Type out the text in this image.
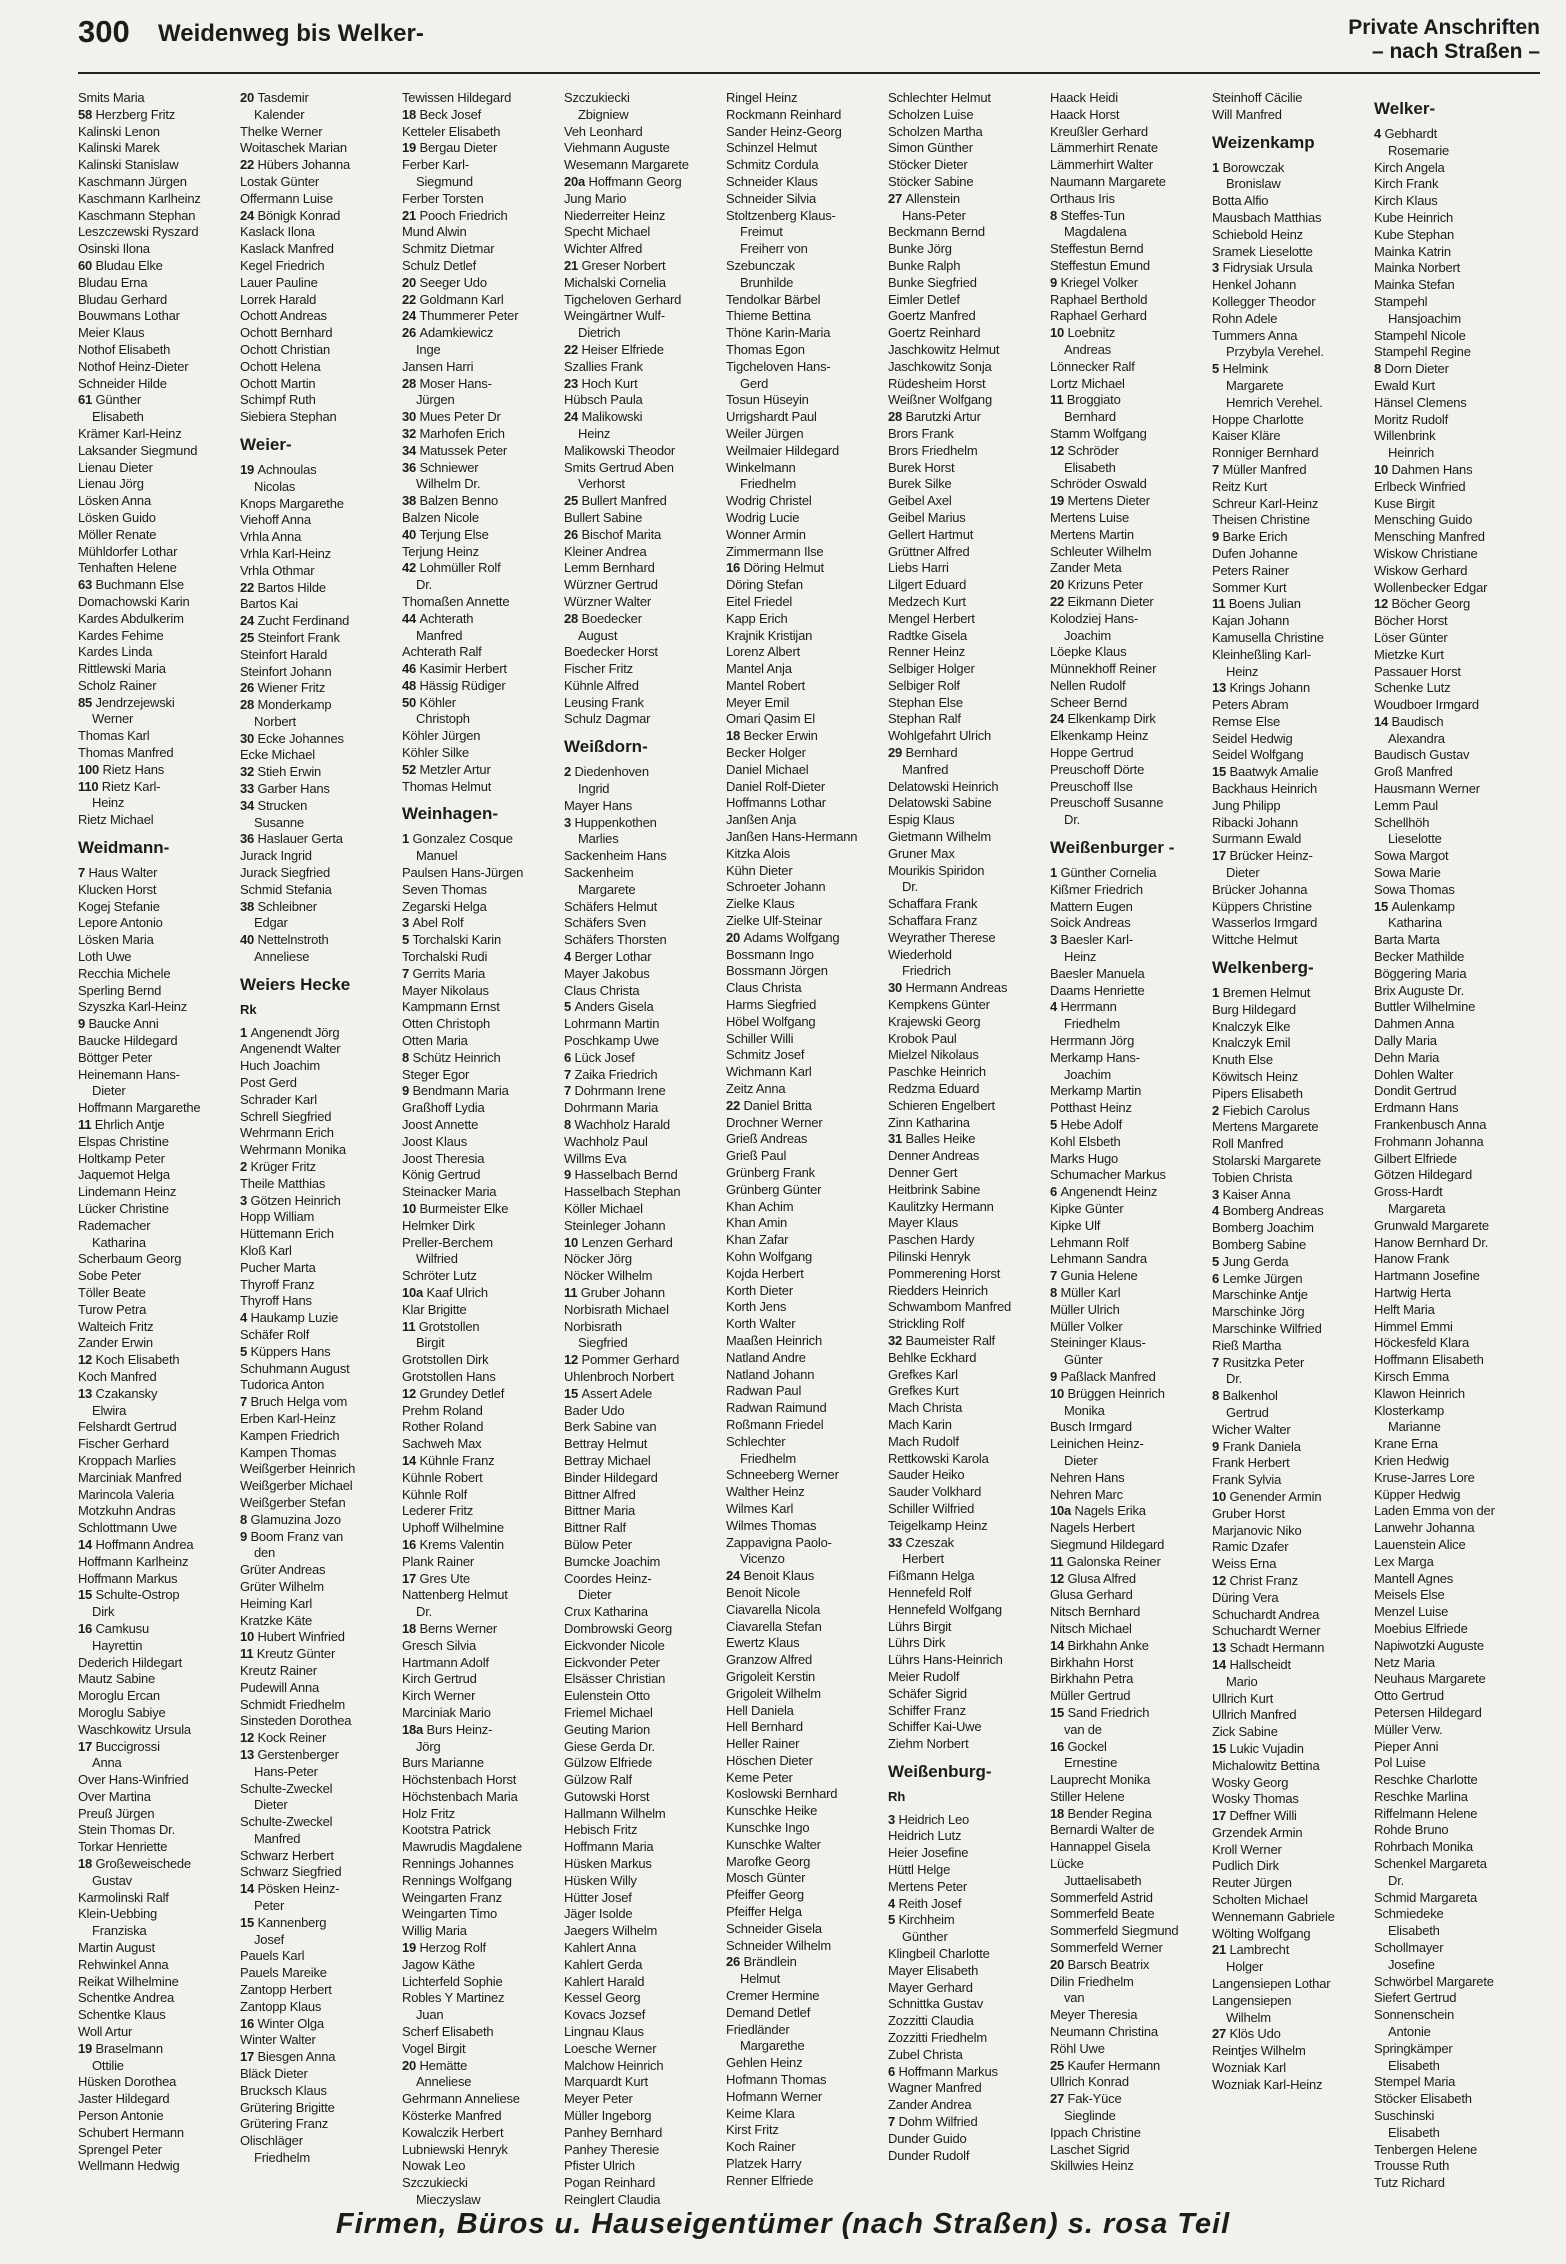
300 Weidenweg bis Welker-	Private Anschriften
– nach Straßen –
Smits Maria
58 Herzberg Fritz
Kalinski Lenon
Kalinski Marek
Kalinski Stanislaw
Kaschmann Jürgen
Kaschmann Karlheinz
Kaschmann Stephan
Leszczewski Ryszard
Osinski Ilona
60 Bludau Elke
Bludau Erna
Bludau Gerhard
Bouwmans Lothar
Meier Klaus
Nothof Elisabeth
Nothof Heinz-Dieter
Schneider Hilde
61 Günther
Elisabeth
Krämer Karl-Heinz
Laksander Siegmund
Lienau Dieter
Lienau Jörg
Lösken Anna
Lösken Guido
Möller Renate
Mühldorfer Lothar
Tenhaften Helene
63 Buchmann Else
Domachowski Karin
Kardes Abdulkerim
Kardes Fehime
Kardes Linda
Rittlewski Maria
Scholz Rainer
85 Jendrzejewski
Werner
Thomas Karl
Thomas Manfred
100 Rietz Hans
110 Rietz Karl-
Heinz
Rietz Michael
Weidmann-
7 Haus Walter
Klucken Horst
Kogej Stefanie
Lepore Antonio
Lösken Maria
Loth Uwe
Recchia Michele
Sperling Bernd
Szyszka Karl-Heinz
9 Baucke Anni
Baucke Hildegard
Böttger Peter
Heinemann Hans-
Dieter
Hoffmann Margarethe
11 Ehrlich Antje
Elspas Christine
Holtkamp Peter
Jaquemot Helga
Lindemann Heinz
Lücker Christine
Rademacher
Katharina
Scherbaum Georg
Sobe Peter
Töller Beate
Turow Petra
Walteich Fritz
Zander Erwin
12 Koch Elisabeth
Koch Manfred
13 Czakansky
Elwira
Felshardt Gertrud
Fischer Gerhard
Kroppach Marlies
Marciniak Manfred
Marincola Valeria
Motzkuhn Andras
Schlottmann Uwe
14 Hoffmann Andrea
Hoffmann Karlheinz
Hoffmann Markus
15 Schulte-Ostrop
Dirk
16 Camkusu
Hayrettin
Dederich Hildegart
Mautz Sabine
Moroglu Ercan
Moroglu Sabiye
Waschkowitz Ursula
17 Buccigrossi
Anna
Over Hans-Winfried
Over Martina
Preuß Jürgen
Stein Thomas Dr.
Torkar Henriette
18 Großeweischede
Gustav
Karmolinski Ralf
Klein-Uebbing
Franziska
Martin August
Rehwinkel Anna
Reikat Wilhelmine
Schentke Andrea
Schentke Klaus
Woll Artur
19 Braselmann
Ottilie
Hüsken Dorothea
Jaster Hildegard
Person Antonie
Schubert Hermann
Sprengel Peter
Wellmann Hedwig
20 Tasdemir
Kalender
Thelke Werner
Woitaschek Marian
22 Hübers Johanna
Lostak Günter
Offermann Luise
24 Bönigk Konrad
Kaslack Ilona
Kaslack Manfred
Kegel Friedrich
Lauer Pauline
Lorrek Harald
Ochott Andreas
Ochott Bernhard
Ochott Christian
Ochott Helena
Ochott Martin
Schimpf Ruth
Siebiera Stephan
Weier-
19 Achnoulas
Nicolas
Knops Margarethe
Viehoff Anna
Vrhla Anna
Vrhla Karl-Heinz
Vrhla Othmar
22 Bartos Hilde
Bartos Kai
24 Zucht Ferdinand
25 Steinfort Frank
Steinfort Harald
Steinfort Johann
26 Wiener Fritz
28 Monderkamp
Norbert
30 Ecke Johannes
Ecke Michael
32 Stieh Erwin
33 Garber Hans
34 Strucken
Susanne
36 Haslauer Gerta
Jurack Ingrid
Jurack Siegfried
Schmid Stefania
38 Schleibner
Edgar
40 Nettelnstroth
Anneliese
Weiers Hecke
Rk
1 Angenendt Jörg
Angenendt Walter
Huch Joachim
Post Gerd
Schrader Karl
Schrell Siegfried
Wehrmann Erich
Wehrmann Monika
2 Krüger Fritz
Theile Matthias
3 Götzen Heinrich
Hopp William
Hüttemann Erich
Kloß Karl
Pucher Marta
Thyroff Franz
Thyroff Hans
4 Haukamp Luzie
Schäfer Rolf
5 Küppers Hans
Schuhmann August
Tudorica Anton
7 Bruch Helga vom
Erben Karl-Heinz
Kampen Friedrich
Kampen Thomas
Weißgerber Heinrich
Weißgerber Michael
Weißgerber Stefan
8 Glamuzina Jozo
9 Boom Franz van
den
Grüter Andreas
Grüter Wilhelm
Heiming Karl
Kratzke Käte
10 Hubert Winfried
11 Kreutz Günter
Kreutz Rainer
Pudewill Anna
Schmidt Friedhelm
Sinsteden Dorothea
12 Kock Reiner
13 Gerstenberger
Hans-Peter
Schulte-Zweckel
Dieter
Schulte-Zweckel
Manfred
Schwarz Herbert
Schwarz Siegfried
14 Pösken Heinz-
Peter
15 Kannenberg
Josef
Pauels Karl
Pauels Mareike
Zantopp Herbert
Zantopp Klaus
16 Winter Olga
Winter Walter
17 Biesgen Anna
Bläck Dieter
Brucksch Klaus
Grütering Brigitte
Grütering Franz
Olischläger
Friedhelm
Tewissen Hildegard
18 Beck Josef
Ketteler Elisabeth
19 Bergau Dieter
Ferber Karl-
Siegmund
Ferber Torsten
21 Pooch Friedrich
Mund Alwin
Schmitz Dietmar
Schulz Detlef
20 Seeger Udo
22 Goldmann Karl
24 Thummerer Peter
26 Adamkiewicz
Inge
Jansen Harri
28 Moser Hans-
Jürgen
30 Mues Peter Dr
32 Marhofen Erich
34 Matussek Peter
36 Schniewer
Wilhelm Dr.
38 Balzen Benno
Balzen Nicole
40 Terjung Else
Terjung Heinz
42 Lohmüller Rolf
Dr.
Thomaßen Annette
44 Achterath
Manfred
Achterath Ralf
46 Kasimir Herbert
48 Hässig Rüdiger
50 Köhler
Christoph
Köhler Jürgen
Köhler Silke
52 Metzler Artur
Thomas Helmut
Weinhagen-
1 Gonzalez Cosque
Manuel
Paulsen Hans-Jürgen
Seven Thomas
Zegarski Helga
3 Abel Rolf
5 Torchalski Karin
Torchalski Rudi
7 Gerrits Maria
Mayer Nikolaus
Kampmann Ernst
Otten Christoph
Otten Maria
8 Schütz Heinrich
Steger Egor
9 Bendmann Maria
Graßhoff Lydia
Joost Annette
Joost Klaus
Joost Theresia
König Gertrud
Steinacker Maria
10 Burmeister Elke
Helmker Dirk
Preller-Berchem
Wilfried
Schröter Lutz
10a Kaaf Ulrich
Klar Brigitte
11 Grotstollen
Birgit
Grotstollen Dirk
Grotstollen Hans
12 Grundey Detlef
Prehm Roland
Rother Roland
Sachweh Max
14 Kühnle Franz
Kühnle Robert
Kühnle Rolf
Lederer Fritz
Uphoff Wilhelmine
16 Krems Valentin
Plank Rainer
17 Gres Ute
Nattenberg Helmut
Dr.
18 Berns Werner
Gresch Silvia
Hartmann Adolf
Kirch Gertrud
Kirch Werner
Marciniak Mario
18a Burs Heinz-
Jörg
Burs Marianne
Höchstenbach Horst
Höchstenbach Maria
Holz Fritz
Kootstra Patrick
Mawrudis Magdalene
Rennings Johannes
Rennings Wolfgang
Weingarten Franz
Weingarten Timo
Willig Maria
19 Herzog Rolf
Jagow Käthe
Lichterfeld Sophie
Robles Y Martinez
Juan
Scherf Elisabeth
Vogel Birgit
20 Hemätte
Anneliese
Gehrmann Anneliese
Kösterke Manfred
Kowalczik Herbert
Lubniewski Henryk
Nowak Leo
Szczukiecki
Mieczyslaw
Szczukiecki
Zbigniew
Veh Leonhard
Viehmann Auguste
Wesemann Margarete
20a Hoffmann Georg
Jung Mario
Niederreiter Heinz
Specht Michael
Wichter Alfred
21 Greser Norbert
Michalski Cornelia
Tigcheloven Gerhard
Weingärtner Wulf-
Dietrich
22 Heiser Elfriede
Szallies Frank
23 Hoch Kurt
Hübsch Paula
24 Malikowski
Heinz
Malikowski Theodor
Smits Gertrud Aben
Verhorst
25 Bullert Manfred
Bullert Sabine
26 Bischof Marita
Kleiner Andrea
Lemm Bernhard
Würzner Gertrud
Würzner Walter
28 Boedecker
August
Boedecker Horst
Fischer Fritz
Kühnle Alfred
Leusing Frank
Schulz Dagmar
Weißdorn-
2 Diedenhoven
Ingrid
Mayer Hans
3 Huppenkothen
Marlies
Sackenheim Hans
Sackenheim
Margarete
Schäfers Helmut
Schäfers Sven
Schäfers Thorsten
4 Berger Lothar
Mayer Jakobus
Claus Christa
5 Anders Gisela
Lohrmann Martin
Poschkamp Uwe
6 Lück Josef
7 Zaika Friedrich
7 Dohrmann Irene
Dohrmann Maria
8 Wachholz Harald
Wachholz Paul
Willms Eva
9 Hasselbach Bernd
Hasselbach Stephan
Köller Michael
Steinleger Johann
10 Lenzen Gerhard
Nöcker Jörg
Nöcker Wilhelm
11 Gruber Johann
Norbisrath Michael
Norbisrath
Siegfried
12 Pommer Gerhard
Uhlenbroch Norbert
15 Assert Adele
Bader Udo
Berk Sabine van
Bettray Helmut
Bettray Michael
Binder Hildegard
Bittner Alfred
Bittner Maria
Bittner Ralf
Bülow Peter
Bumcke Joachim
Coordes Heinz-
Dieter
Crux Katharina
Dombrowski Georg
Eickvonder Nicole
Eickvonder Peter
Elsässer Christian
Eulenstein Otto
Friemel Michael
Geuting Marion
Giese Gerda Dr.
Gülzow Elfriede
Gülzow Ralf
Gutowski Horst
Hallmann Wilhelm
Hebisch Fritz
Hoffmann Maria
Hüsken Markus
Hüsken Willy
Hütter Josef
Jäger Isolde
Jaegers Wilhelm
Kahlert Anna
Kahlert Gerda
Kahlert Harald
Kessel Georg
Kovacs Jozsef
Lingnau Klaus
Loesche Werner
Malchow Heinrich
Marquardt Kurt
Meyer Peter
Müller Ingeborg
Panhey Bernhard
Panhey Theresie
Pfister Ulrich
Pogan Reinhard
Reinglert Claudia
Ringel Heinz
Rockmann Reinhard
Sander Heinz-Georg
Schinzel Helmut
Schmitz Cordula
Schneider Klaus
Schneider Silvia
Stoltzenberg Klaus-
Freimut
Freiherr von
Szebunczak
Brunhilde
Tendolkar Bärbel
Thieme Bettina
Thöne Karin-Maria
Thomas Egon
Tigcheloven Hans-
Gerd
Tosun Hüseyin
Urrigshardt Paul
Weiler Jürgen
Weilmaier Hildegard
Winkelmann
Friedhelm
Wodrig Christel
Wodrig Lucie
Wonner Armin
Zimmermann Ilse
16 Döring Helmut
Döring Stefan
Eitel Friedel
Kapp Erich
Krajnik Kristijan
Lorenz Albert
Mantel Anja
Mantel Robert
Meyer Emil
Omari Qasim El
18 Becker Erwin
Becker Holger
Daniel Michael
Daniel Rolf-Dieter
Hoffmanns Lothar
Janßen Anja
Janßen Hans-Hermann
Kitzka Alois
Kühn Dieter
Schroeter Johann
Zielke Klaus
Zielke Ulf-Steinar
20 Adams Wolfgang
Bossmann Ingo
Bossmann Jörgen
Claus Christa
Harms Siegfried
Höbel Wolfgang
Schiller Willi
Schmitz Josef
Wichmann Karl
Zeitz Anna
22 Daniel Britta
Drochner Werner
Grieß Andreas
Grieß Paul
Grünberg Frank
Grünberg Günter
Khan Achim
Khan Amin
Khan Zafar
Kohn Wolfgang
Kojda Herbert
Korth Dieter
Korth Jens
Korth Walter
Maaßen Heinrich
Natland Andre
Natland Johann
Radwan Paul
Radwan Raimund
Roßmann Friedel
Schlechter
Friedhelm
Schneeberg Werner
Walther Heinz
Wilmes Karl
Wilmes Thomas
Zappavigna Paolo-
Vicenzo
24 Benoit Klaus
Benoit Nicole
Ciavarella Nicola
Ciavarella Stefan
Ewertz Klaus
Granzow Alfred
Grigoleit Kerstin
Grigoleit Wilhelm
Hell Daniela
Hell Bernhard
Heller Rainer
Höschen Dieter
Keme Peter
Koslowski Bernhard
Kunschke Heike
Kunschke Ingo
Kunschke Walter
Marofke Georg
Mosch Günter
Pfeiffer Georg
Pfeiffer Helga
Schneider Gisela
Schneider Wilhelm
26 Brändlein
Helmut
Cremer Hermine
Demand Detlef
Friedländer
Margarethe
Gehlen Heinz
Hofmann Thomas
Hofmann Werner
Keime Klara
Kirst Fritz
Koch Rainer
Platzek Harry
Renner Elfriede
Schlechter Helmut
Scholzen Luise
Scholzen Martha
Simon Günther
Stöcker Dieter
Stöcker Sabine
27 Allenstein
Hans-Peter
Beckmann Bernd
Bunke Jörg
Bunke Ralph
Bunke Siegfried
Eimler Detlef
Goertz Manfred
Goertz Reinhard
Jaschkowitz Helmut
Jaschkowitz Sonja
Rüdesheim Horst
Weißner Wolfgang
28 Barutzki Artur
Brors Frank
Brors Friedhelm
Burek Horst
Burek Silke
Geibel Axel
Geibel Marius
Gellert Hartmut
Grüttner Alfred
Liebs Harri
Lilgert Eduard
Medzech Kurt
Mengel Herbert
Radtke Gisela
Renner Heinz
Selbiger Holger
Selbiger Rolf
Stephan Else
Stephan Ralf
Wohlgefahrt Ulrich
29 Bernhard
Manfred
Delatowski Heinrich
Delatowski Sabine
Espig Klaus
Gietmann Wilhelm
Gruner Max
Mourikis Spiridon
Dr.
Schaffara Frank
Schaffara Franz
Weyrather Therese
Wiederhold
Friedrich
30 Hermann Andreas
Kempkens Günter
Krajewski Georg
Krobok Paul
Mielzel Nikolaus
Paschke Heinrich
Redzma Eduard
Schieren Engelbert
Zinn Katharina
31 Balles Heike
Denner Andreas
Denner Gert
Heitbrink Sabine
Kaulitzky Hermann
Mayer Klaus
Paschen Hardy
Pilinski Henryk
Pommerening Horst
Riedders Heinrich
Schwambom Manfred
Strickling Rolf
32 Baumeister Ralf
Behlke Eckhard
Grefkes Karl
Grefkes Kurt
Mach Christa
Mach Karin
Mach Rudolf
Rettkowski Karola
Sauder Heiko
Sauder Volkhard
Schiller Wilfried
Teigelkamp Heinz
33 Czeszak
Herbert
Fißmann Helga
Hennefeld Rolf
Hennefeld Wolfgang
Lührs Birgit
Lührs Dirk
Lührs Hans-Heinrich
Meier Rudolf
Schäfer Sigrid
Schiffer Franz
Schiffer Kai-Uwe
Ziehm Norbert
Weißenburg-
Rh
3 Heidrich Leo
Heidrich Lutz
Heier Josefine
Hüttl Helge
Mertens Peter
4 Reith Josef
5 Kirchheim
Günther
Klingbeil Charlotte
Mayer Elisabeth
Mayer Gerhard
Schnittka Gustav
Zozzitti Claudia
Zozzitti Friedhelm
Zubel Christa
6 Hoffmann Markus
Wagner Manfred
Zander Andrea
7 Dohm Wilfried
Dunder Guido
Dunder Rudolf
Haack Heidi
Haack Horst
Kreußler Gerhard
Lämmerhirt Renate
Lämmerhirt Walter
Naumann Margarete
Orthaus Iris
8 Steffes-Tun
Magdalena
Steffestun Bernd
Steffestun Emund
9 Kriegel Volker
Raphael Berthold
Raphael Gerhard
10 Loebnitz
Andreas
Lönnecker Ralf
Lortz Michael
11 Broggiato
Bernhard
Stamm Wolfgang
12 Schröder
Elisabeth
Schröder Oswald
19 Mertens Dieter
Mertens Luise
Mertens Martin
Schleuter Wilhelm
Zander Meta
20 Krizuns Peter
22 Eikmann Dieter
Kolodziej Hans-
Joachim
Löepke Klaus
Münnekhoff Reiner
Nellen Rudolf
Scheer Bernd
24 Elkenkamp Dirk
Elkenkamp Heinz
Hoppe Gertrud
Preuschoff Dörte
Preuschoff Ilse
Preuschoff Susanne
Dr.
Weißenburger -
1 Günther Cornelia
Kißmer Friedrich
Mattern Eugen
Soick Andreas
3 Baesler Karl-
Heinz
Baesler Manuela
Daams Henriette
4 Herrmann
Friedhelm
Herrmann Jörg
Merkamp Hans-
Joachim
Merkamp Martin
Potthast Heinz
5 Hebe Adolf
Kohl Elsbeth
Marks Hugo
Schumacher Markus
6 Angenendt Heinz
Kipke Günter
Kipke Ulf
Lehmann Rolf
Lehmann Sandra
7 Gunia Helene
8 Müller Karl
Müller Ulrich
Müller Volker
Steininger Klaus-
Günter
9 Paßlack Manfred
10 Brüggen Heinrich
Monika
Busch Irmgard
Leinichen Heinz-
Dieter
Nehren Hans
Nehren Marc
10a Nagels Erika
Nagels Herbert
Siegmund Hildegard
11 Galonska Reiner
12 Glusa Alfred
Glusa Gerhard
Nitsch Bernhard
Nitsch Michael
14 Birkhahn Anke
Birkhahn Horst
Birkhahn Petra
Müller Gertrud
15 Sand Friedrich
van de
16 Gockel
Ernestine
Lauprecht Monika
Stiller Helene
18 Bender Regina
Bernardi Walter de
Hannappel Gisela
Lücke
Juttaelisabeth
Sommerfeld Astrid
Sommerfeld Beate
Sommerfeld Siegmund
Sommerfeld Werner
20 Barsch Beatrix
Dilin Friedhelm
van
Meyer Theresia
Neumann Christina
Röhl Uwe
25 Kaufer Hermann
Ullrich Konrad
27 Fak-Yüce
Sieglinde
Ippach Christine
Laschet Sigrid
Skillwies Heinz
Steinhoff Cäcilie
Will Manfred
Weizenkamp
1 Borowczak
Bronislaw
Botta Alfio
Mausbach Matthias
Schiebold Heinz
Sramek Lieselotte
3 Fidrysiak Ursula
Henkel Johann
Kollegger Theodor
Rohn Adele
Tummers Anna
Przybyla Verehel.
5 Helmink
Margarete
Hemrich Verehel.
Hoppe Charlotte
Kaiser Kläre
Ronniger Bernhard
7 Müller Manfred
Reitz Kurt
Schreur Karl-Heinz
Theisen Christine
9 Barke Erich
Dufen Johanne
Peters Rainer
Sommer Kurt
11 Boens Julian
Kajan Johann
Kamusella Christine
Kleinheßling Karl-
Heinz
13 Krings Johann
Peters Abram
Remse Else
Seidel Hedwig
Seidel Wolfgang
15 Baatwyk Amalie
Backhaus Heinrich
Jung Philipp
Ribacki Johann
Surmann Ewald
17 Brücker Heinz-
Dieter
Brücker Johanna
Küppers Christine
Wasserlos Irmgard
Wittche Helmut
Welkenberg-
1 Bremen Helmut
Burg Hildegard
Knalczyk Elke
Knalczyk Emil
Knuth Else
Köwitsch Heinz
Pipers Elisabeth
2 Fiebich Carolus
Mertens Margarete
Roll Manfred
Stolarski Margarete
Tobien Christa
3 Kaiser Anna
4 Bomberg Andreas
Bomberg Joachim
Bomberg Sabine
5 Jung Gerda
6 Lemke Jürgen
Marschinke Antje
Marschinke Jörg
Marschinke Wilfried
Rieß Martha
7 Rusitzka Peter
Dr.
8 Balkenhol
Gertrud
Wicher Walter
9 Frank Daniela
Frank Herbert
Frank Sylvia
10 Genender Armin
Gruber Horst
Marjanovic Niko
Ramic Dzafer
Weiss Erna
12 Christ Franz
Düring Vera
Schuchardt Andrea
Schuchardt Werner
13 Schadt Hermann
14 Hallscheidt
Mario
Ullrich Kurt
Ullrich Manfred
Zick Sabine
15 Lukic Vujadin
Michalowitz Bettina
Wosky Georg
Wosky Thomas
17 Deffner Willi
Grzendek Armin
Kroll Werner
Pudlich Dirk
Reuter Jürgen
Scholten Michael
Wennemann Gabriele
Wölting Wolfgang
21 Lambrecht
Holger
Langensiepen Lothar
Langensiepen
Wilhelm
27 Klös Udo
Reintjes Wilhelm
Wozniak Karl
Wozniak Karl-Heinz
Welker-
4 Gebhardt
Rosemarie
Kirch Angela
Kirch Frank
Kirch Klaus
Kube Heinrich
Kube Stephan
Mainka Katrin
Mainka Norbert
Mainka Stefan
Stampehl
Hansjoachim
Stampehl Nicole
Stampehl Regine
8 Dorn Dieter
Ewald Kurt
Hänsel Clemens
Moritz Rudolf
Willenbrink
Heinrich
10 Dahmen Hans
Erlbeck Winfried
Kuse Birgit
Mensching Guido
Mensching Manfred
Wiskow Christiane
Wiskow Gerhard
Wollenbecker Edgar
12 Böcher Georg
Böcher Horst
Löser Günter
Mietzke Kurt
Passauer Horst
Schenke Lutz
Woudboer Irmgard
14 Baudisch
Alexandra
Baudisch Gustav
Groß Manfred
Hausmann Werner
Lemm Paul
Schellhöh
Lieselotte
Sowa Margot
Sowa Marie
Sowa Thomas
15 Aulenkamp
Katharina
Barta Marta
Becker Mathilde
Böggering Maria
Brix Auguste Dr.
Buttler Wilhelmine
Dahmen Anna
Dally Maria
Dehn Maria
Dohlen Walter
Dondit Gertrud
Erdmann Hans
Frankenbusch Anna
Frohmann Johanna
Gilbert Elfriede
Götzen Hildegard
Gross-Hardt
Margareta
Grunwald Margarete
Hanow Bernhard Dr.
Hanow Frank
Hartmann Josefine
Hartwig Herta
Helft Maria
Himmel Emmi
Höckesfeld Klara
Hoffmann Elisabeth
Kirsch Emma
Klawon Heinrich
Klosterkamp
Marianne
Krane Erna
Krien Hedwig
Kruse-Jarres Lore
Küpper Hedwig
Laden Emma von der
Lanwehr Johanna
Lauenstein Alice
Lex Marga
Mantell Agnes
Meisels Else
Menzel Luise
Moebius Elfriede
Napiwotzki Auguste
Netz Maria
Neuhaus Margarete
Otto Gertrud
Petersen Hildegard
Müller Verw.
Pieper Anni
Pol Luise
Reschke Charlotte
Reschke Marlina
Riffelmann Helene
Rohde Bruno
Rohrbach Monika
Schenkel Margareta
Dr.
Schmid Margareta
Schmiedeke
Elisabeth
Schollmayer
Josefine
Schwörbel Margarete
Siefert Gertrud
Sonnenschein
Antonie
Springkämper
Elisabeth
Stempel Maria
Stöcker Elisabeth
Suschinski
Elisabeth
Tenbergen Helene
Trousse Ruth
Tutz Richard
Firmen, Büros u. Hauseigentümer (nach Straßen) s. rosa Teil
